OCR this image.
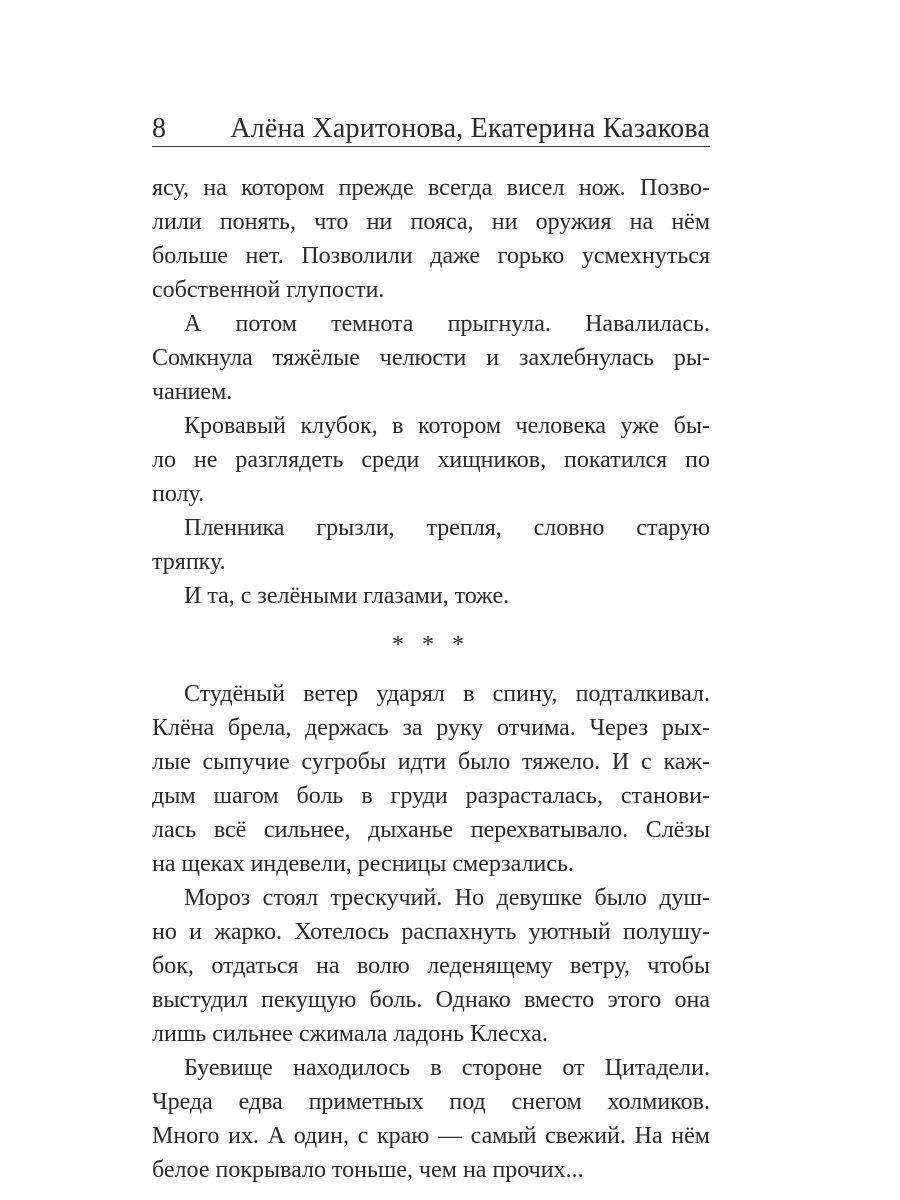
8 Алёна Харитонова, Екатерина Казакова
ясу, на котором прежде всегда висел нож. Позво-
лили понять, что ни пояса, ни оружия на нём
больше нет. Позволили даже горько усмехнуться
собственной глупости.
А потом темнота прыгнула. Навалилась.
Сомкнула тяжёлые челюсти и захлебнулась ры-
чанием.
Кровавый клубок, в котором человека уже бы-
ло не разглядеть среди хищников, покатился по
полу.
Пленника грызли, трепля, словно старую
тряпку.
И та, с зелёными глазами, тоже.
* * *
Студёный ветер ударял в спину, подталкивал.
Клёна брела, держась за руку отчима. Через рых-
лые сыпучие сугробы идти было тяжело. И с каж-
дым шагом боль в груди разрасталась, станови-
лась всё сильнее, дыханье перехватывало. Слёзы
на щеках индевели, ресницы смерзались.
Мороз стоял трескучий. Но девушке было душ-
но и жарко. Хотелось распахнуть уютный полушу-
бок, отдаться на волю леденящему ветру, чтобы
выстудил пекущую боль. Однако вместо этого она
лишь сильнее сжимала ладонь Клесха.
Буевище находилось в стороне от Цитадели.
Чреда едва приметных под снегом холмиков.
Много их. А один, с краю — самый свежий. На нём
белое покрывало тоньше, чем на прочих...
